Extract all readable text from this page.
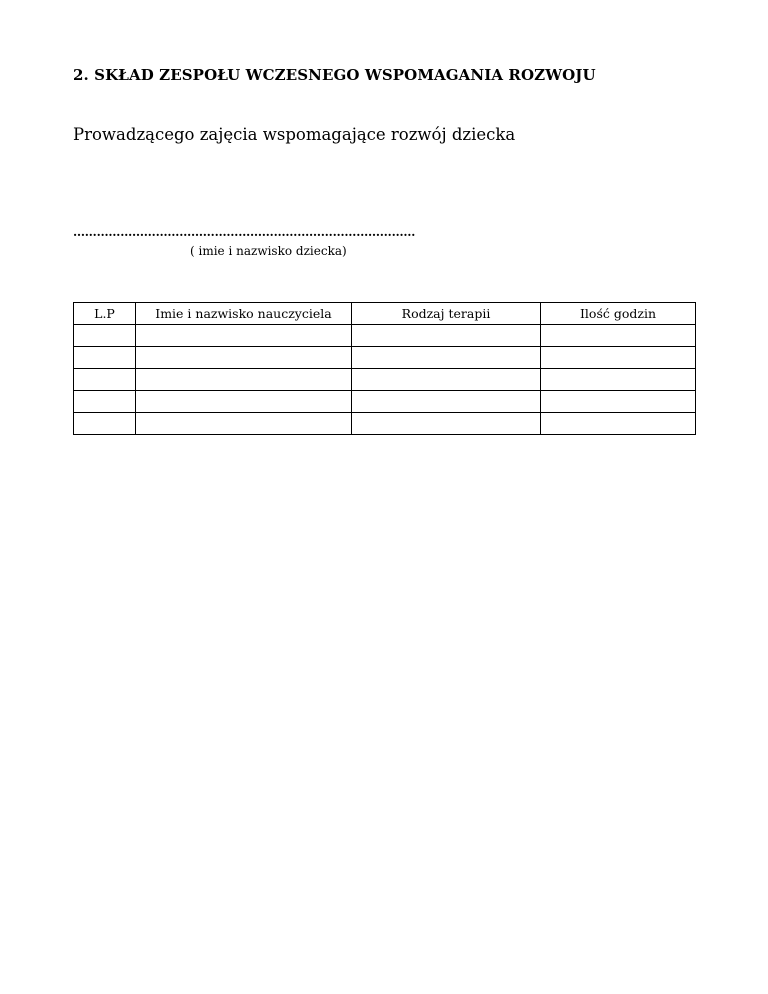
2. SKŁAD ZESPOŁU WCZESNEGO WSPOMAGANIA ROZWOJU
Prowadzącego zajęcia wspomagające rozwój dziecka
……………………………………………………………………………
( imie i nazwisko dziecka)
L.P	Imie i nazwisko nauczyciela	Rodzaj terapii	Ilość godzin
